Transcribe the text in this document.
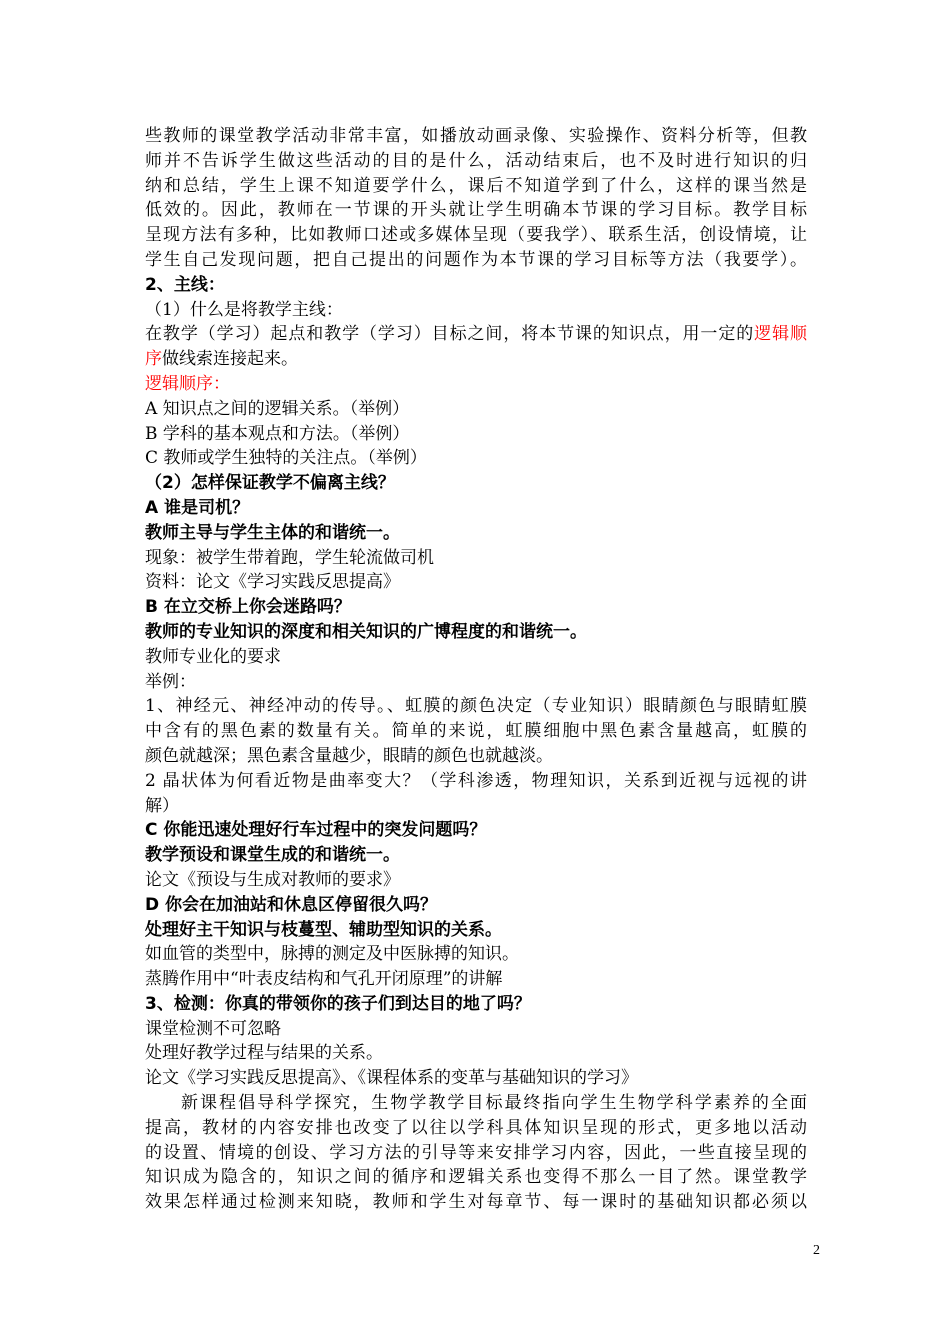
些教师的课堂教学活动非常丰富，如播放动画录像、实验操作、资料分析等，但教
师并不告诉学生做这些活动的目的是什么，活动结束后，也不及时进行知识的归
纳和总结，学生上课不知道要学什么，课后不知道学到了什么，这样的课当然是
低效的。因此，教师在一节课的开头就让学生明确本节课的学习目标。教学目标
呈现方法有多种，比如教师口述或多媒体呈现（要我学）、联系生活，创设情境，让
学生自己发现问题，把自己提出的问题作为本节课的学习目标等方法（我要学）。
2、主线：
（1）什么是将教学主线：
在教学（学习）起点和教学（学习）目标之间，将本节课的知识点，用一定的逻辑顺
序做线索连接起来。
逻辑顺序：
A 知识点之间的逻辑关系。（举例）
B 学科的基本观点和方法。（举例）
C 教师或学生独特的关注点。（举例）
（2）怎样保证教学不偏离主线？
A 谁是司机？
教师主导与学生主体的和谐统一。
现象：被学生带着跑，学生轮流做司机
资料：论文《学习实践反思提高》
B 在立交桥上你会迷路吗？
教师的专业知识的深度和相关知识的广博程度的和谐统一。
教师专业化的要求
举例：
1、神经元、神经冲动的传导。、虹膜的颜色决定（专业知识）眼睛颜色与眼睛虹膜
中含有的黑色素的数量有关。简单的来说，虹膜细胞中黑色素含量越高，虹膜的
颜色就越深；黑色素含量越少，眼睛的颜色也就越淡。
2 晶状体为何看近物是曲率变大？（学科渗透，物理知识，关系到近视与远视的讲
解）
C 你能迅速处理好行车过程中的突发问题吗？
教学预设和课堂生成的和谐统一。
论文《预设与生成对教师的要求》
D 你会在加油站和休息区停留很久吗？
处理好主干知识与枝蔓型、辅助型知识的关系。
如血管的类型中，脉搏的测定及中医脉搏的知识。
蒸腾作用中“叶表皮结构和气孔开闭原理”的讲解
3、检测：你真的带领你的孩子们到达目的地了吗？
课堂检测不可忽略
处理好教学过程与结果的关系。
论文《学习实践反思提高》、《课程体系的变革与基础知识的学习》
新课程倡导科学探究，生物学教学目标最终指向学生生物学科学素养的全面
提高，教材的内容安排也改变了以往以学科具体知识呈现的形式，更多地以活动
的设置、情境的创设、学习方法的引导等来安排学习内容，因此，一些直接呈现的
知识成为隐含的，知识之间的循序和逻辑关系也变得不那么一目了然。课堂教学
效果怎样通过检测来知晓，教师和学生对每章节、每一课时的基础知识都必须以
2
